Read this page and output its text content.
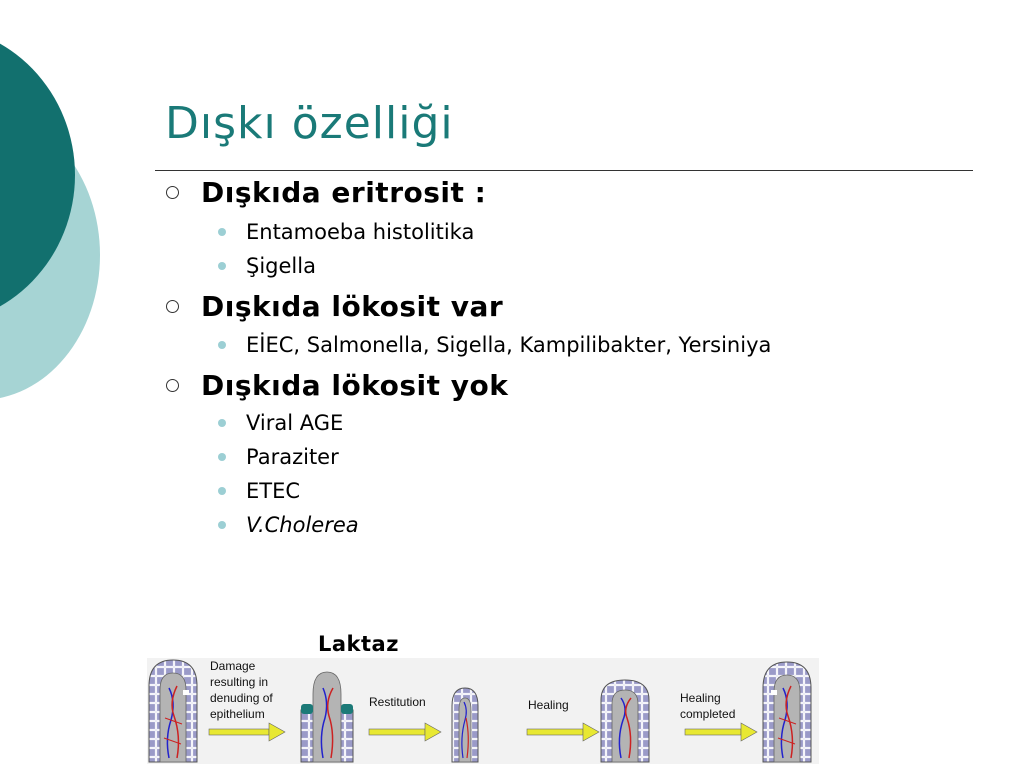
Dışkı özelliği
Dışkıda eritrosit :
Entamoeba histolitika
Şigella
Dışkıda lökosit var
EİEC, Salmonella, Sigella, Kampilibakter, Yersiniya
Dışkıda lökosit yok
Viral AGE
Paraziter
ETEC
V.Cholerea
Laktaz
Damage
resulting in
denuding of
epithelium
Restitution	Healing	Healing
completed
